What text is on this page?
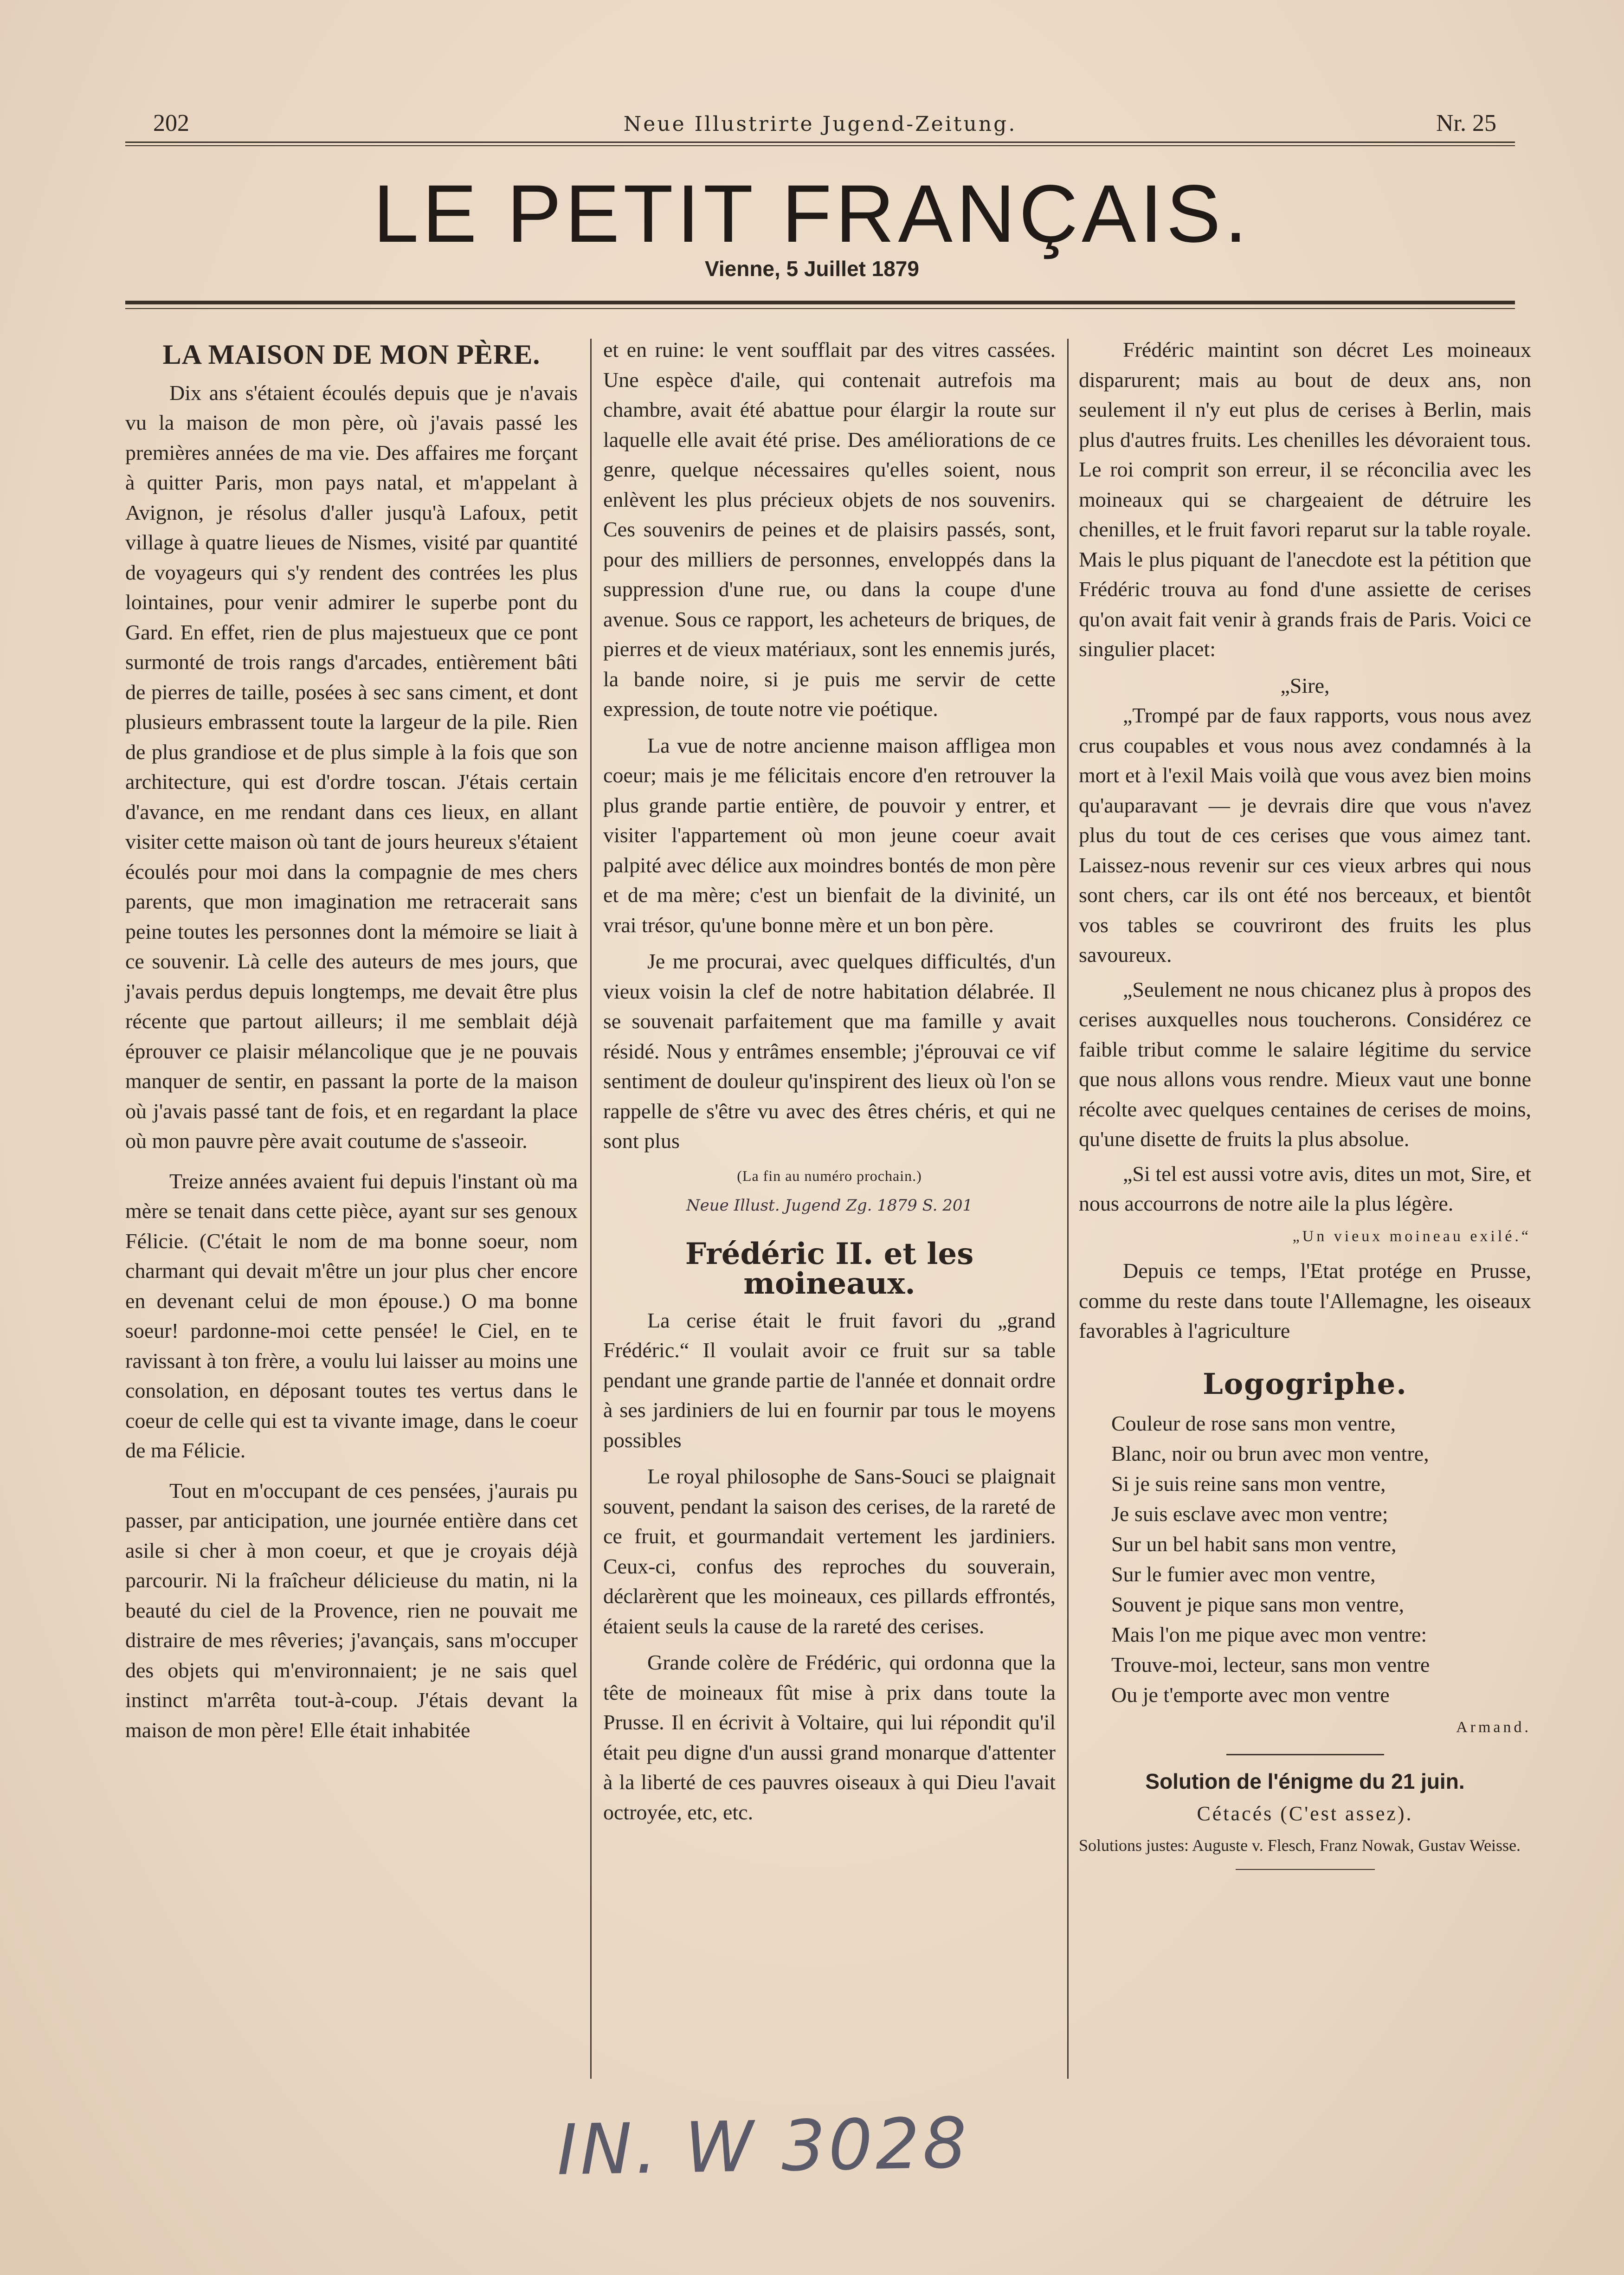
202	Neue Illustrirte Jugend-Zeitung.	Nr. 25
LE PETIT FRANÇAIS.
Vienne, 5 Juillet 1879
LA MAISON DE MON PÈRE.

Dix ans s'étaient écoulés depuis que je n'avais vu la maison de mon père, où j'avais passé les premières années de ma vie. Des affaires me forçant à quitter Paris, mon pays natal, et m'appelant à Avignon, je résolus d'aller jusqu'à Lafoux, petit village à quatre lieues de Nismes, visité par quantité de voyageurs qui s'y rendent des contrées les plus lointaines, pour venir admirer le superbe pont du Gard. En effet, rien de plus majestueux que ce pont surmonté de trois rangs d'arcades, entièrement bâti de pierres de taille, posées à sec sans ciment, et dont plusieurs embrassent toute la largeur de la pile. Rien de plus grandiose et de plus simple à la fois que son architecture, qui est d'ordre toscan. J'étais certain d'avance, en me rendant dans ces lieux, en allant visiter cette maison où tant de jours heureux s'étaient écoulés pour moi dans la compagnie de mes chers parents, que mon imagination me retracerait sans peine toutes les personnes dont la mémoire se liait à ce souvenir. Là celle des auteurs de mes jours, que j'avais perdus depuis longtemps, me devait être plus récente que partout ailleurs; il me semblait déjà éprouver ce plaisir mélancolique que je ne pouvais manquer de sentir, en passant la porte de la maison où j'avais passé tant de fois, et en regardant la place où mon pauvre père avait coutume de s'asseoir.

Treize années avaient fui depuis l'instant où ma mère se tenait dans cette pièce, ayant sur ses genoux Félicie. (C'était le nom de ma bonne soeur, nom charmant qui devait m'être un jour plus cher encore en devenant celui de mon épouse.) O ma bonne soeur! pardonne-moi cette pensée! le Ciel, en te ravissant à ton frère, a voulu lui laisser au moins une consolation, en déposant toutes tes vertus dans le coeur de celle qui est ta vivante image, dans le coeur de ma Félicie.

Tout en m'occupant de ces pensées, j'aurais pu passer, par anticipation, une journée entière dans cet asile si cher à mon coeur, et que je croyais déjà parcourir. Ni la fraîcheur délicieuse du matin, ni la beauté du ciel de la Provence, rien ne pouvait me distraire de mes rêveries; j'avançais, sans m'occuper des objets qui m'environnaient; je ne sais quel instinct m'arrêta tout-à-coup. J'étais devant la maison de mon père! Elle était inhabitée

et en ruine: le vent soufflait par des vitres cassées. Une espèce d'aile, qui contenait autrefois ma chambre, avait été abattue pour élargir la route sur laquelle elle avait été prise. Des améliorations de ce genre, quelque nécessaires qu'elles soient, nous enlèvent les plus précieux objets de nos souvenirs. Ces souvenirs de peines et de plaisirs passés, sont, pour des milliers de personnes, enveloppés dans la suppression d'une rue, ou dans la coupe d'une avenue. Sous ce rapport, les acheteurs de briques, de pierres et de vieux matériaux, sont les ennemis jurés, la bande noire, si je puis me servir de cette expression, de toute notre vie poétique.

La vue de notre ancienne maison affligea mon coeur; mais je me félicitais encore d'en retrouver la plus grande partie entière, de pouvoir y entrer, et visiter l'appartement où mon jeune coeur avait palpité avec délice aux moindres bontés de mon père et de ma mère; c'est un bienfait de la divinité, un vrai trésor, qu'une bonne mère et un bon père.

Je me procurai, avec quelques difficultés, d'un vieux voisin la clef de notre habitation délabrée. Il se souvenait parfaitement que ma famille y avait résidé. Nous y entrâmes ensemble; j'éprouvai ce vif sentiment de douleur qu'inspirent des lieux où l'on se rappelle de s'être vu avec des êtres chéris, et qui ne sont plus

(La fin au numéro prochain.)
Neue Illust. Jugend Zg. 1879 S. 201
Frédéric II. et les moineaux.

La cerise était le fruit favori du „grand Frédéric.“ Il voulait avoir ce fruit sur sa table pendant une grande partie de l'année et donnait ordre à ses jardiniers de lui en fournir par tous le moyens possibles

Le royal philosophe de Sans-Souci se plaignait souvent, pendant la saison des cerises, de la rareté de ce fruit, et gourmandait vertement les jardiniers. Ceux-ci, confus des reproches du souverain, déclarèrent que les moineaux, ces pillards effrontés, étaient seuls la cause de la rareté des cerises.

Grande colère de Frédéric, qui ordonna que la tête de moineaux fût mise à prix dans toute la Prusse. Il en écrivit à Voltaire, qui lui répondit qu'il était peu digne d'un aussi grand monarque d'attenter à la liberté de ces pauvres oiseaux à qui Dieu l'avait octroyée, etc, etc.

Frédéric maintint son décret Les moineaux disparurent; mais au bout de deux ans, non seulement il n'y eut plus de cerises à Berlin, mais plus d'autres fruits. Les chenilles les dévoraient tous. Le roi comprit son erreur, il se réconcilia avec les moineaux qui se chargeaient de détruire les chenilles, et le fruit favori reparut sur la table royale. Mais le plus piquant de l'anecdote est la pétition que Frédéric trouva au fond d'une assiette de cerises qu'on avait fait venir à grands frais de Paris. Voici ce singulier placet:

„Sire,

„Trompé par de faux rapports, vous nous avez crus coupables et vous nous avez condamnés à la mort et à l'exil Mais voilà que vous avez bien moins qu'auparavant — je devrais dire que vous n'avez plus du tout de ces cerises que vous aimez tant. Laissez-nous revenir sur ces vieux arbres qui nous sont chers, car ils ont été nos berceaux, et bientôt vos tables se couvriront des fruits les plus savoureux.

„Seulement ne nous chicanez plus à propos des cerises auxquelles nous toucherons. Considérez ce faible tribut comme le salaire légitime du service que nous allons vous rendre. Mieux vaut une bonne récolte avec quelques centaines de cerises de moins, qu'une disette de fruits la plus absolue.

„Si tel est aussi votre avis, dites un mot, Sire, et nous accourrons de notre aile la plus légère.

„Un vieux moineau exilé.“

Depuis ce temps, l'Etat protége en Prusse, comme du reste dans toute l'Allemagne, les oiseaux favorables à l'agriculture

Logogriphe.
Couleur de rose sans mon ventre,
Blanc, noir ou brun avec mon ventre,
Si je suis reine sans mon ventre,
Je suis esclave avec mon ventre;
Sur un bel habit sans mon ventre,
Sur le fumier avec mon ventre,
Souvent je pique sans mon ventre,
Mais l'on me pique avec mon ventre:
Trouve-moi, lecteur, sans mon ventre
Ou je t'emporte avec mon ventre
Armand.
Solution de l'énigme du 21 juin.
Cétacés (C'est assez).
Solutions justes: Auguste v. Flesch, Franz Nowak, Gustav Weisse.
IN. W 3028
